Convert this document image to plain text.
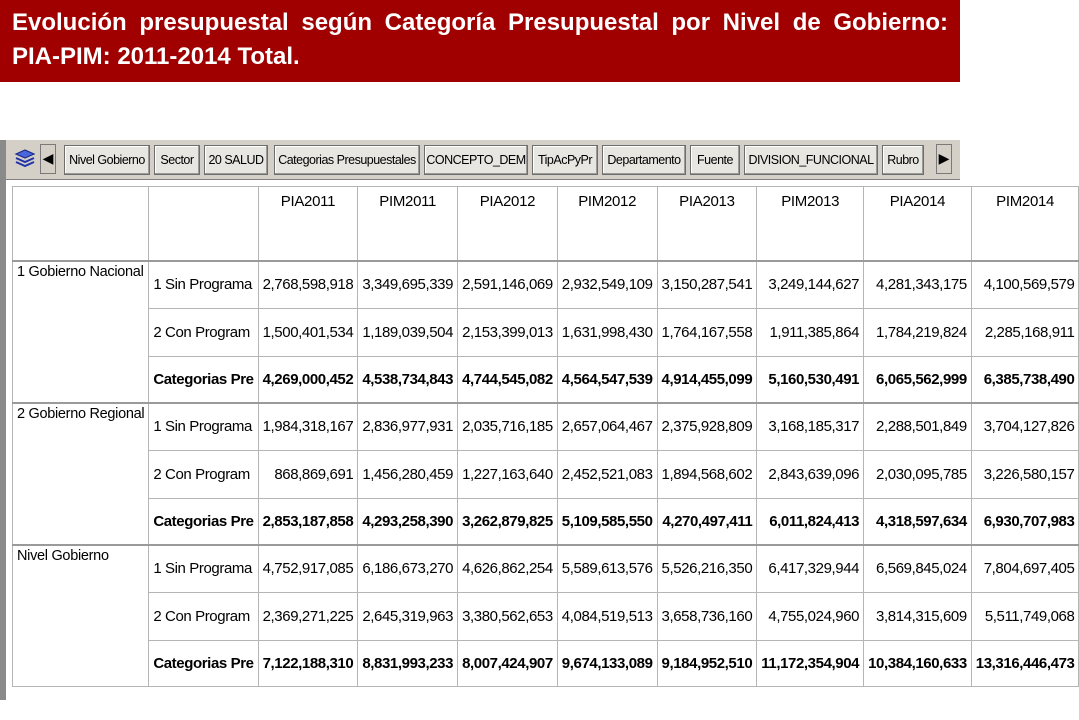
Evolución presupuestal según Categoría Presupuestal por Nivel de Gobierno: PIA-PIM: 2011-2014 Total.

◀	Nivel Gobierno	Sector	20 SALUD	Categorias Presupuestales CONCEPTO_DEM TipAcPyPr	Departamento	Fuente	DIVISION_FUNCIONAL	Rubro	▶
		PIA2011	PIM2011	PIA2012	PIM2012	PIA2013	PIM2013	PIA2014	PIM2014
1 Gobierno Nacional	1 Sin Programa	2,768,598,918	3,349,695,339	2,591,146,069	2,932,549,109	3,150,287,541	3,249,144,627	4,281,343,175	4,100,569,579
	2 Con Program	1,500,401,534	1,189,039,504	2,153,399,013	1,631,998,430	1,764,167,558	1,911,385,864	1,784,219,824	2,285,168,911
	Categorias Pre	4,269,000,452	4,538,734,843	4,744,545,082	4,564,547,539	4,914,455,099	5,160,530,491	6,065,562,999	6,385,738,490
2 Gobierno Regional	1 Sin Programa	1,984,318,167	2,836,977,931	2,035,716,185	2,657,064,467	2,375,928,809	3,168,185,317	2,288,501,849	3,704,127,826
	2 Con Program	868,869,691	1,456,280,459	1,227,163,640	2,452,521,083	1,894,568,602	2,843,639,096	2,030,095,785	3,226,580,157
	Categorias Pre	2,853,187,858	4,293,258,390	3,262,879,825	5,109,585,550	4,270,497,411	6,011,824,413	4,318,597,634	6,930,707,983
Nivel Gobierno	1 Sin Programa	4,752,917,085	6,186,673,270	4,626,862,254	5,589,613,576	5,526,216,350	6,417,329,944	6,569,845,024	7,804,697,405
	2 Con Program	2,369,271,225	2,645,319,963	3,380,562,653	4,084,519,513	3,658,736,160	4,755,024,960	3,814,315,609	5,511,749,068
	Categorias Pre	7,122,188,310	8,831,993,233	8,007,424,907	9,674,133,089	9,184,952,510	11,172,354,904	10,384,160,633	13,316,446,473
